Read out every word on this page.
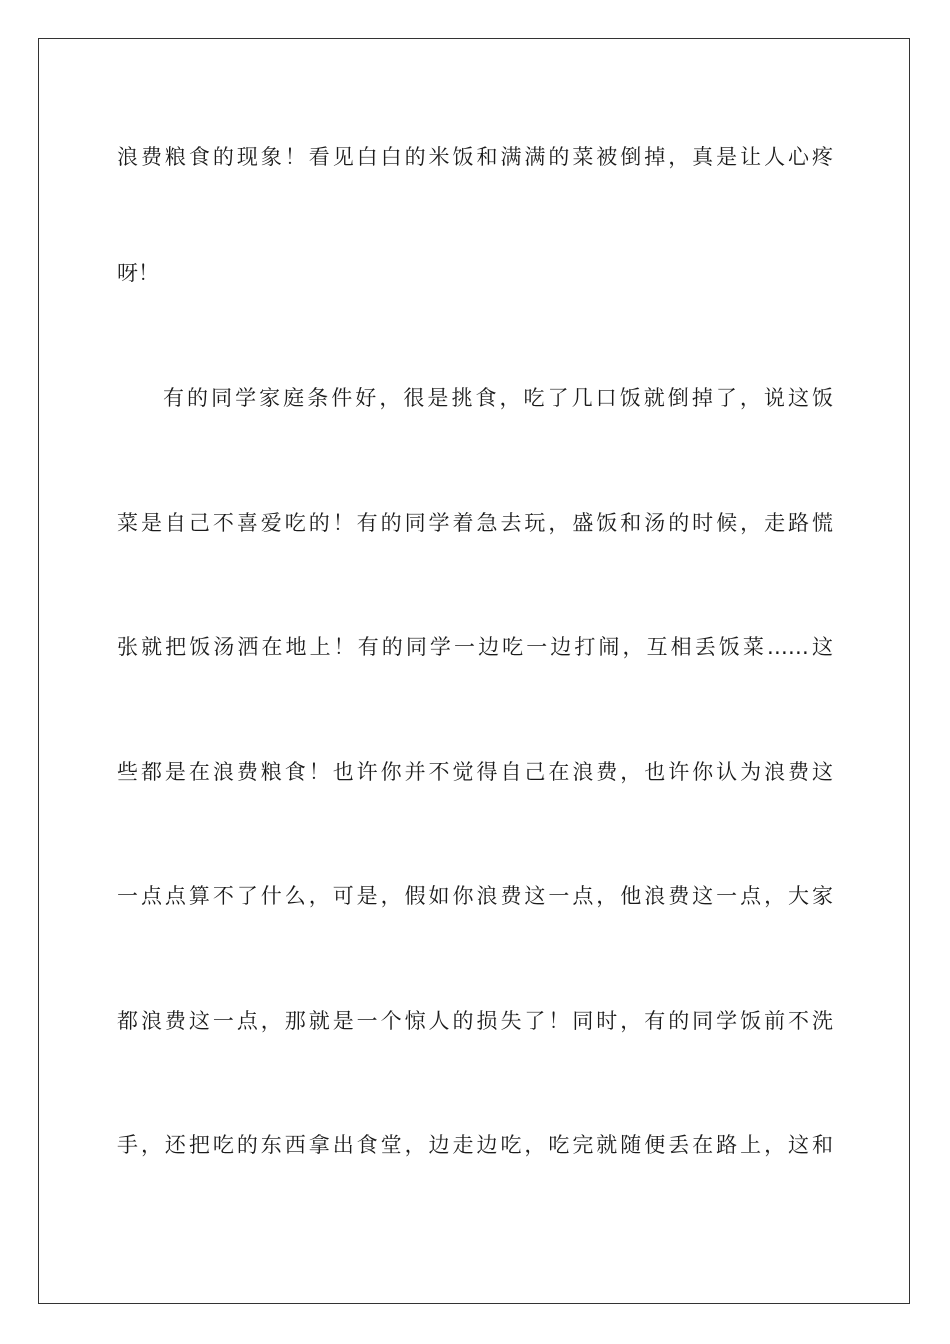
浪费粮食的现象！看见白白的米饭和满满的菜被倒掉，真是让人心疼
呀！
有的同学家庭条件好，很是挑食，吃了几口饭就倒掉了，说这饭
菜是自己不喜爱吃的！有的同学着急去玩，盛饭和汤的时候，走路慌
张就把饭汤洒在地上！有的同学一边吃一边打闹，互相丢饭菜……这
些都是在浪费粮食！也许你并不觉得自己在浪费，也许你认为浪费这
一点点算不了什么，可是，假如你浪费这一点，他浪费这一点，大家
都浪费这一点，那就是一个惊人的损失了！同时，有的同学饭前不洗
手，还把吃的东西拿出食堂，边走边吃，吃完就随便丢在路上，这和
